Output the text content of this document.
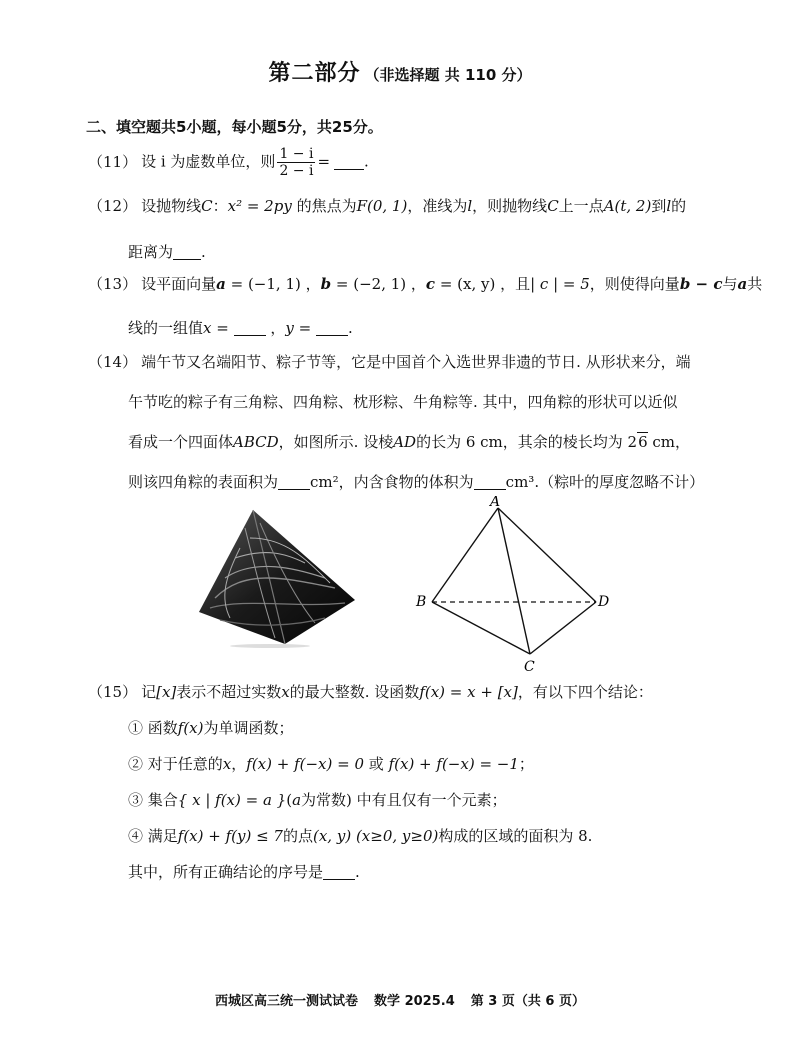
第二部分 （非选择题 共 110 分）
二、填空题共5小题，每小题5分，共25分。
（11） 设 i 为虚数单位，则 $\frac{1 - i}{2 - i}$ = .
（12） 设抛物线C：x² = 2py 的焦点为F(0, 1)，准线为l，则抛物线C上一点A(t, 2)到l的
距离为 .
（13） 设平面向量a = (−1, 1) ，b = (−2, 1) ，c = (x, y) ，且| c | = 5，则使得向量b − c与a共
线的一组值x =  ，y = .
（14） 端午节又名端阳节、粽子节等，它是中国首个入选世界非遗的节日. 从形状来分，端
午节吃的粽子有三角粽、四角粽、枕形粽、牛角粽等. 其中，四角粽的形状可以近似
看成一个四面体ABCD，如图所示. 设棱AD的长为 6 cm，其余的棱长均为 26 cm，
则该四角粽的表面积为 cm²，内含食物的体积为 cm³.（粽叶的厚度忽略不计）
A
B
C
D
（15） 记[x]表示不超过实数x的最大整数. 设函数f(x) = x + [x]，有以下四个结论：
① 函数f(x)为单调函数；
② 对于任意的x，f(x) + f(−x) = 0 或 f(x) + f(−x) = −1；
③ 集合{ x | f(x) = a }(a为常数) 中有且仅有一个元素；
④ 满足f(x) + f(y) ≤ 7的点(x, y) (x≥0, y≥0)构成的区域的面积为 8.
其中，所有正确结论的序号是 .
西城区高三统一测试试卷 数学 2025.4 第 3 页（共 6 页）
